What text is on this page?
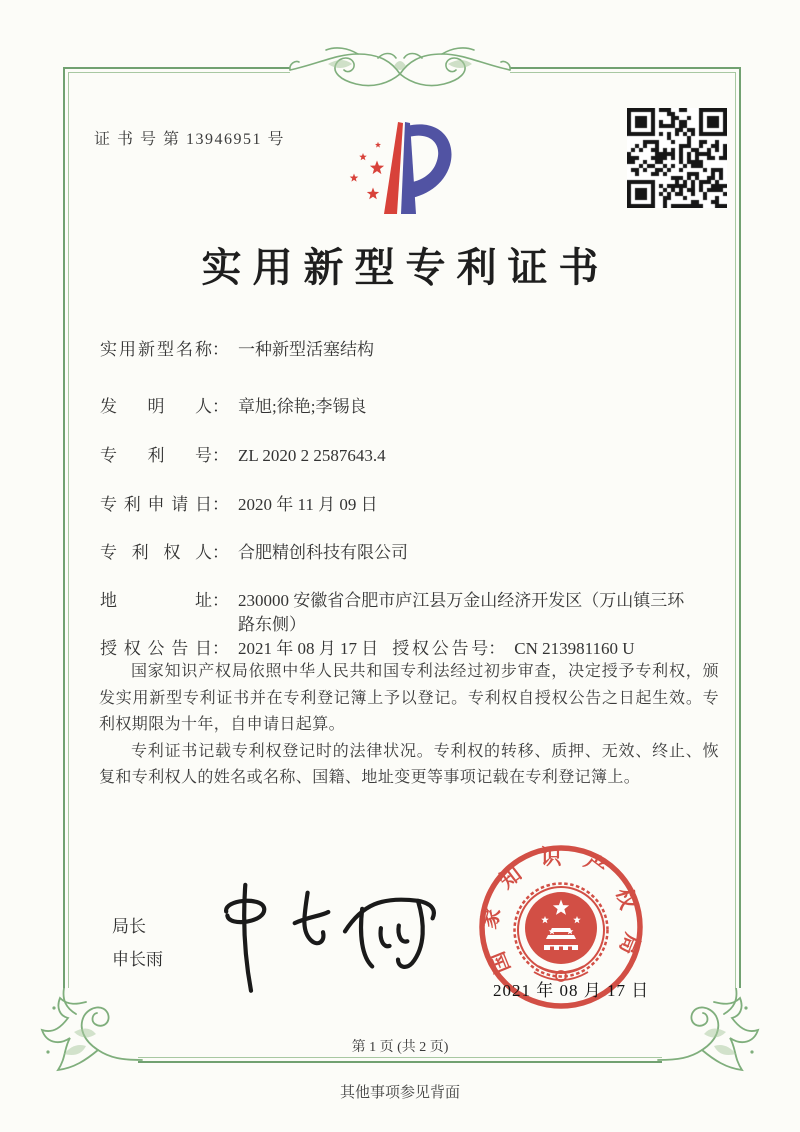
证 书 号 第 13946951 号
实用新型专利证书
实用新型名称 ： 一种新型活塞结构
发明人 ： 章旭;徐艳;李锡良
专利号 ： ZL 2020 2 2587643.4
专利申请日 ： 2020 年 11 月 09 日
专利权人 ： 合肥精创科技有限公司
地址 ： 230000 安徽省合肥市庐江县万金山经济开发区（万山镇三环路东侧）
授权公告日 ： 2021 年 08 月 17 日 授权公告号 ： CN 213981160 U

国家知识产权局依照中华人民共和国专利法经过初步审查，决定授予专利权，颁发实用新型专利证书并在专利登记簿上予以登记。专利权自授权公告之日起生效。专利权期限为十年，自申请日起算。

专利证书记载专利权登记时的法律状况。专利权的转移、质押、无效、终止、恢复和专利权人的姓名或名称、国籍、地址变更等事项记载在专利登记簿上。

局长
申长雨	国家知识产权局
2021 年 08 月 17 日
第 1 页 (共 2 页)
其他事项参见背面
